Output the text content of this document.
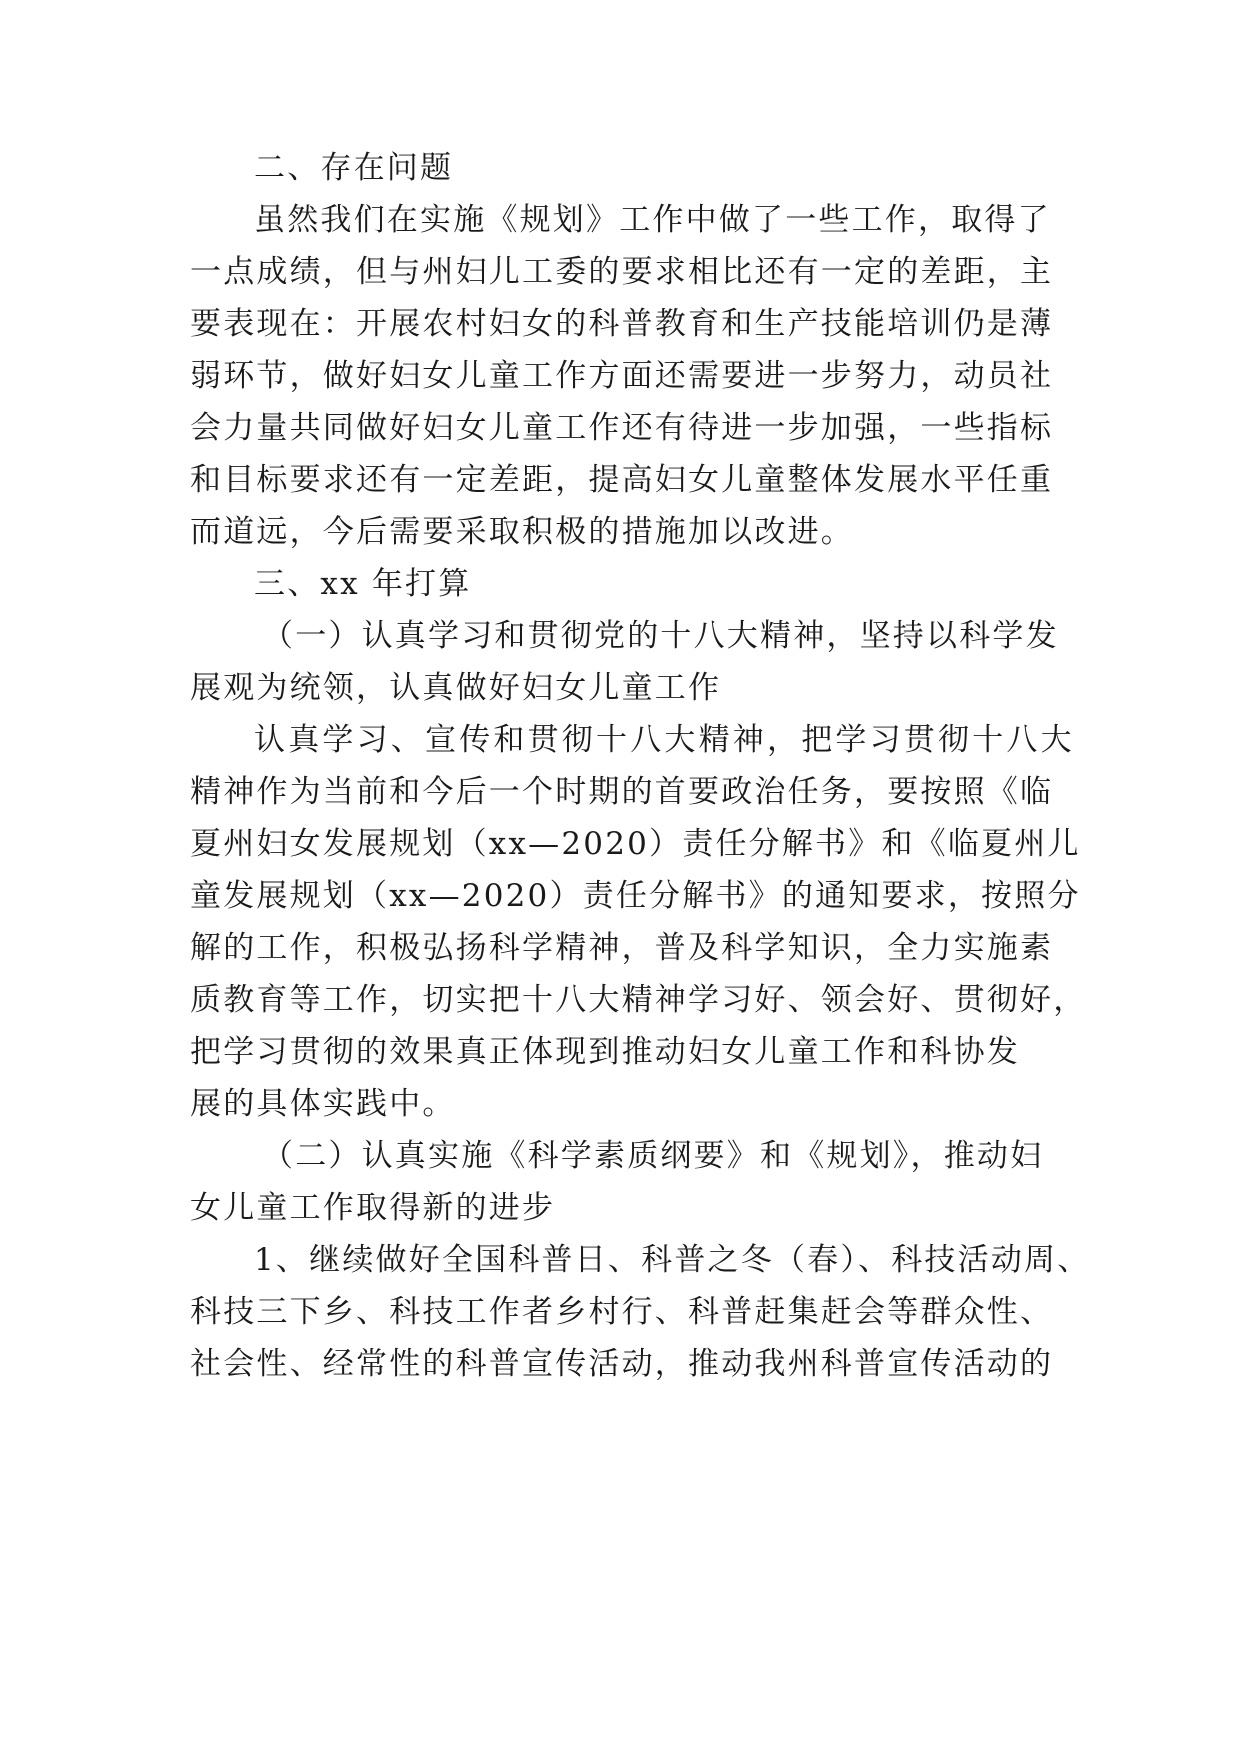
二、存在问题
虽然我们在实施《规划》工作中做了一些工作，取得了
一点成绩，但与州妇儿工委的要求相比还有一定的差距，主
要表现在：开展农村妇女的科普教育和生产技能培训仍是薄
弱环节，做好妇女儿童工作方面还需要进一步努力，动员社
会力量共同做好妇女儿童工作还有待进一步加强，一些指标
和目标要求还有一定差距，提高妇女儿童整体发展水平任重
而道远，今后需要采取积极的措施加以改进。
三、xx 年打算
（一）认真学习和贯彻党的十八大精神，坚持以科学发
展观为统领，认真做好妇女儿童工作
认真学习、宣传和贯彻十八大精神，把学习贯彻十八大
精神作为当前和今后一个时期的首要政治任务，要按照《临
夏州妇女发展规划（xx—2020）责任分解书》和《临夏州儿
童发展规划（xx—2020）责任分解书》的通知要求，按照分
解的工作，积极弘扬科学精神，普及科学知识，全力实施素
质教育等工作，切实把十八大精神学习好、领会好、贯彻好，
把学习贯彻的效果真正体现到推动妇女儿童工作和科协发
展的具体实践中。
（二）认真实施《科学素质纲要》和《规划》，推动妇
女儿童工作取得新的进步
1、继续做好全国科普日、科普之冬（春）、科技活动周、
科技三下乡、科技工作者乡村行、科普赶集赶会等群众性、
社会性、经常性的科普宣传活动，推动我州科普宣传活动的
